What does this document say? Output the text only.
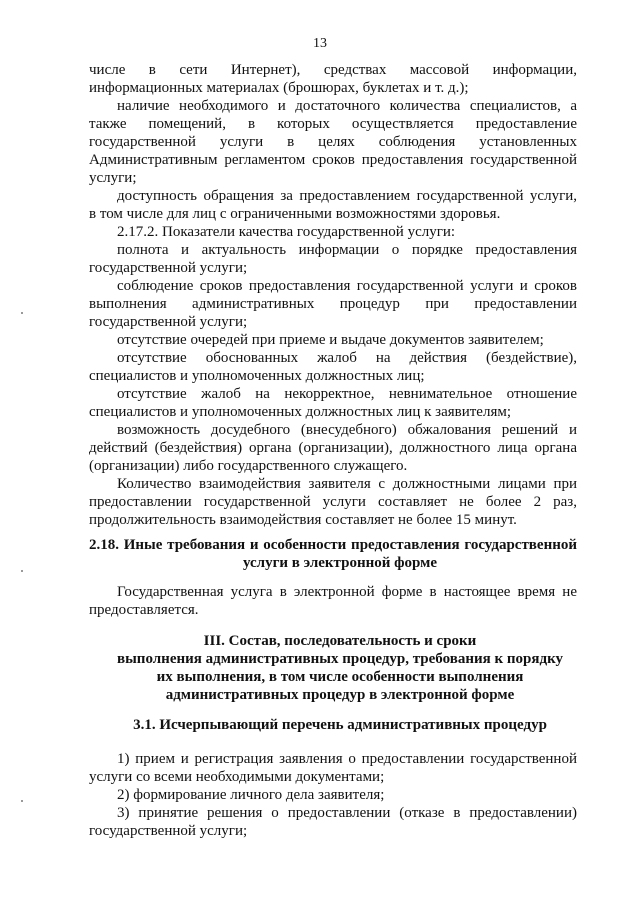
13
числе в сети Интернет), средствах массовой информации,
информационных материалах (брошюрах, буклетах и т. д.);
наличие необходимого и достаточного количества специалистов, а
также помещений, в которых осуществляется предоставление
государственной услуги в целях соблюдения установленных
Административным регламентом сроков предоставления государственной
услуги;
доступность обращения за предоставлением государственной услуги,
в том числе для лиц с ограниченными возможностями здоровья.
2.17.2. Показатели качества государственной услуги:
полнота и актуальность информации о порядке предоставления
государственной услуги;
соблюдение сроков предоставления государственной услуги и сроков
выполнения административных процедур при предоставлении
государственной услуги;
отсутствие очередей при приеме и выдаче документов заявителем;
отсутствие обоснованных жалоб на действия (бездействие),
специалистов и уполномоченных должностных лиц;
отсутствие жалоб на некорректное, невнимательное отношение
специалистов и уполномоченных должностных лиц к заявителям;
возможность досудебного (внесудебного) обжалования решений и
действий (бездействия) органа (организации), должностного лица органа
(организации) либо государственного служащего.
Количество взаимодействия заявителя с должностными лицами при
предоставлении государственной услуги составляет не более 2 раз,
продолжительность взаимодействия составляет не более 15 минут.
2.18. Иные требования и особенности предоставления государственной
услуги в электронной форме
Государственная услуга в электронной форме в настоящее время не
предоставляется.
III. Состав, последовательность и сроки
выполнения административных процедур, требования к порядку
их выполнения, в том числе особенности выполнения
административных процедур в электронной форме
3.1. Исчерпывающий перечень административных процедур
1) прием и регистрация заявления о предоставлении государственной
услуги со всеми необходимыми документами;
2) формирование личного дела заявителя;
3) принятие решения о предоставлении (отказе в предоставлении)
государственной услуги;
